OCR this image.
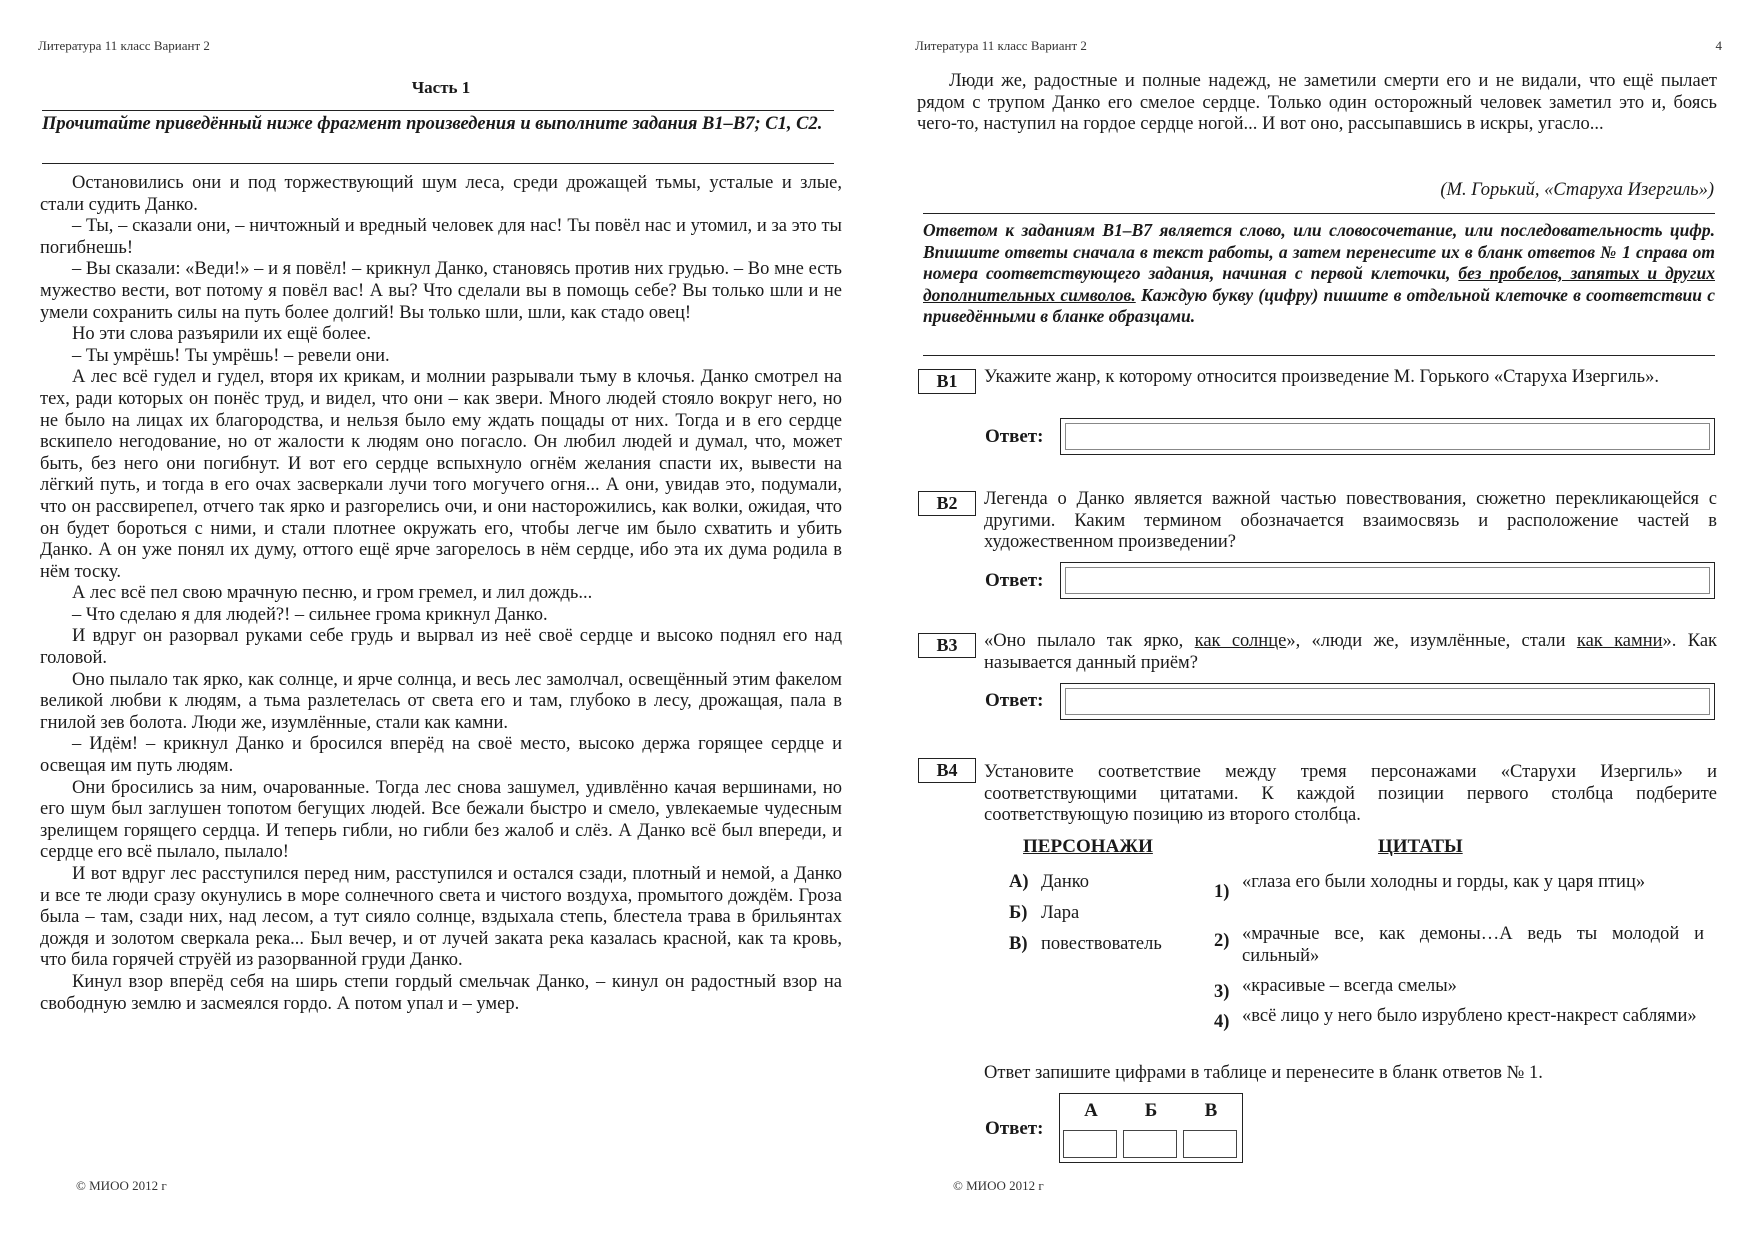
Литература 11 класс Вариант 2
Часть 1
Прочитайте приведённый ниже фрагмент произведения и выполните задания B1–B7; C1, C2.

Остановились они и под торжествующий шум леса, среди дрожащей тьмы, усталые и злые, стали судить Данко.

– Ты, – сказали они, – ничтожный и вредный человек для нас! Ты повёл нас и утомил, и за это ты погибнешь!

– Вы сказали: «Веди!» – и я повёл! – крикнул Данко, становясь против них грудью. – Во мне есть мужество вести, вот потому я повёл вас! А вы? Что сделали вы в помощь себе? Вы только шли и не умели сохранить силы на путь более долгий! Вы только шли, шли, как стадо овец!

Но эти слова разъярили их ещё более.

– Ты умрёшь! Ты умрёшь! – ревели они.

А лес всё гудел и гудел, вторя их крикам, и молнии разрывали тьму в клочья. Данко смотрел на тех, ради которых он понёс труд, и видел, что они – как звери. Много людей стояло вокруг него, но не было на лицах их благородства, и нельзя было ему ждать пощады от них. Тогда и в его сердце вскипело негодование, но от жалости к людям оно погасло. Он любил людей и думал, что, может быть, без него они погибнут. И вот его сердце вспыхнуло огнём желания спасти их, вывести на лёгкий путь, и тогда в его очах засверкали лучи того могучего огня... А они, увидав это, подумали, что он рассвирепел, отчего так ярко и разгорелись очи, и они насторожились, как волки, ожидая, что он будет бороться с ними, и стали плотнее окружать его, чтобы легче им было схватить и убить Данко. А он уже понял их думу, оттого ещё ярче загорелось в нём сердце, ибо эта их дума родила в нём тоску.

А лес всё пел свою мрачную песню, и гром гремел, и лил дождь...

– Что сделаю я для людей?! – сильнее грома крикнул Данко.

И вдруг он разорвал руками себе грудь и вырвал из неё своё сердце и высоко поднял его над головой.

Оно пылало так ярко, как солнце, и ярче солнца, и весь лес замолчал, освещённый этим факелом великой любви к людям, а тьма разлетелась от света его и там, глубоко в лесу, дрожащая, пала в гнилой зев болота. Люди же, изумлённые, стали как камни.

– Идём! – крикнул Данко и бросился вперёд на своё место, высоко держа горящее сердце и освещая им путь людям.

Они бросились за ним, очарованные. Тогда лес снова зашумел, удивлённо качая вершинами, но его шум был заглушен топотом бегущих людей. Все бежали быстро и смело, увлекаемые чудесным зрелищем горящего сердца. И теперь гибли, но гибли без жалоб и слёз. А Данко всё был впереди, и сердце его всё пылало, пылало!

И вот вдруг лес расступился перед ним, расступился и остался сзади, плотный и немой, а Данко и все те люди сразу окунулись в море солнечного света и чистого воздуха, промытого дождём. Гроза была – там, сзади них, над лесом, а тут сияло солнце, вздыхала степь, блестела трава в брильянтах дождя и золотом сверкала река... Был вечер, и от лучей заката река казалась красной, как та кровь, что била горячей струёй из разорванной груди Данко.

Кинул взор вперёд себя на ширь степи гордый смельчак Данко, – кинул он радостный взор на свободную землю и засмеялся гордо. А потом упал и – умер.

© МИОО 2012 г
Литература 11 класс Вариант 2	4
Люди же, радостные и полные надежд, не заметили смерти его и не видали, что ещё пылает рядом с трупом Данко его смелое сердце. Только один осторожный человек заметил это и, боясь чего-то, наступил на гордое сердце ногой... И вот оно, рассыпавшись в искры, угасло...
(М. Горький, «Старуха Изергиль»)
Ответом к заданиям B1–B7 является слово, или словосочетание, или последовательность цифр. Впишите ответы сначала в текст работы, а затем перенесите их в бланк ответов № 1 справа от номера соответствующего задания, начиная с первой клеточки, без пробелов, запятых и других дополнительных символов. Каждую букву (цифру) пишите в отдельной клеточке в соответствии с приведёнными в бланке образцами.
B1	Укажите жанр, к которому относится произведение М. Горького «Старуха Изергиль».
Ответ:
B2	Легенда о Данко является важной частью повествования, сюжетно перекликающейся с другими. Каким термином обозначается взаимосвязь и расположение частей в художественном произведении?
Ответ:
B3	«Оно пылало так ярко, как солнце», «люди же, изумлённые, стали как камни». Как называется данный приём?
Ответ:
B4	Установите соответствие между тремя персонажами «Старухи Изергиль» и соответствующими цитатами. К каждой позиции первого столбца подберите соответствующую позицию из второго столбца.
ПЕРСОНАЖИ	ЦИТАТЫ
А) Данко
Б) Лара
В) повествователь
1) «глаза его были холодны и горды, как у царя птиц»
2) «мрачные все, как демоны…А ведь ты молодой и сильный»
3) «красивые – всегда смелы»
4) «всё лицо у него было изрублено крест-накрест саблями»
Ответ запишите цифрами в таблице и перенесите в бланк ответов № 1.
Ответ:
А	Б	В
© МИОО 2012 г
